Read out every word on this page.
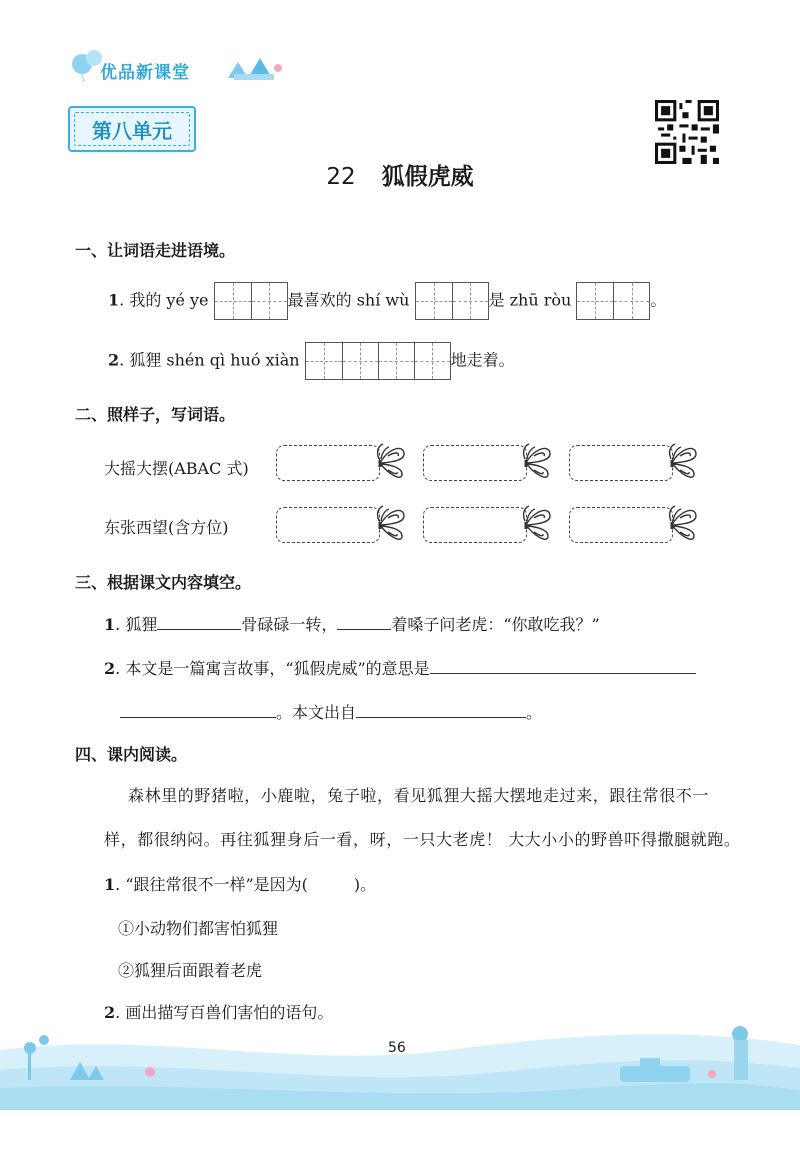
优品新课堂
第八单元
22 狐假虎威
一、让词语走进语境。
1. 我的 yé ye	最喜欢的 shí wù	是 zhū ròu	。
2. 狐狸 shén qì huó xiàn	地走着。
二、照样子，写词语。
大摇大摆(ABAC 式)
东张西望(含方位)
三、根据课文内容填空。
1. 狐狸	骨碌碌一转，	着嗓子问老虎：“你敢吃我？”
2. 本文是一篇寓言故事，“狐假虎威”的意思是
。本文出自	。
四、课内阅读。
森林里的野猪啦，小鹿啦，兔子啦，看见狐狸大摇大摆地走过来，跟往常很不一
样，都很纳闷。再往狐狸身后一看，呀，一只大老虎！ 大大小小的野兽吓得撒腿就跑。
1. “跟往常很不一样”是因为(	)。
①小动物们都害怕狐狸
②狐狸后面跟着老虎
2. 画出描写百兽们害怕的语句。
56
